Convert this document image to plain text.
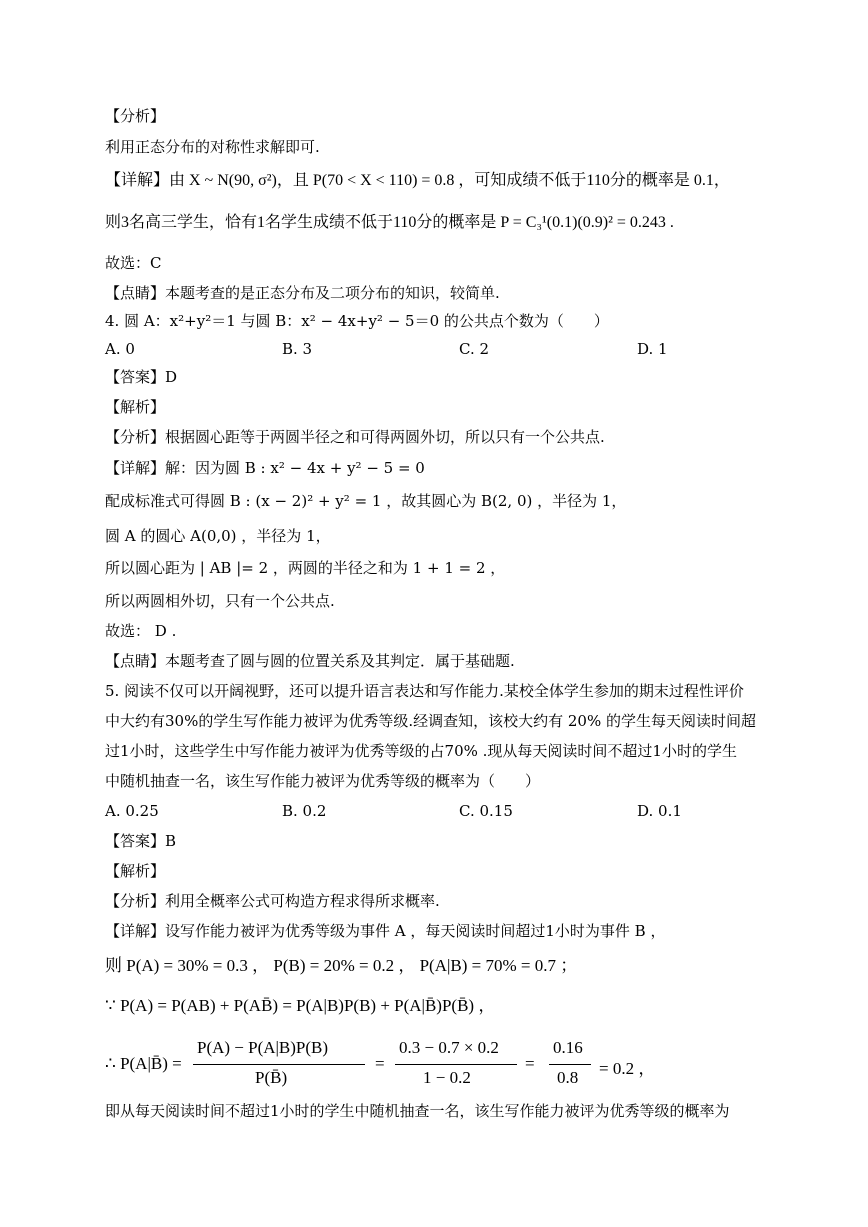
【分析】
利用正态分布的对称性求解即可.
【详解】由 X ~ N(90, σ²)，且 P(70 < X < 110) = 0.8 ，可知成绩不低于110分的概率是 0.1，
则3名高三学生，恰有1名学生成绩不低于110分的概率是 P = C₃¹(0.1)(0.9)² = 0.243 .
故选：C
【点睛】本题考查的是正态分布及二项分布的知识，较简单.
4. 圆 A：x²+y²＝1 与圆 B：x² − 4x+y² − 5＝0 的公共点个数为（　　）
A. 0	B. 3	C. 2	D. 1
【答案】D
【解析】
【分析】根据圆心距等于两圆半径之和可得两圆外切，所以只有一个公共点.
【详解】解：因为圆 B : x² − 4x + y² − 5 = 0
配成标准式可得圆 B : (x − 2)² + y² = 1 ，故其圆心为 B(2, 0) ，半径为 1，
圆 A 的圆心 A(0,0) ，半径为 1，
所以圆心距为 | AB |= 2 ，两圆的半径之和为 1 + 1 = 2 ，
所以两圆相外切，只有一个公共点.
故选： D .
【点睛】本题考查了圆与圆的位置关系及其判定．属于基础题.
5. 阅读不仅可以开阔视野，还可以提升语言表达和写作能力.某校全体学生参加的期末过程性评价
中大约有30%的学生写作能力被评为优秀等级.经调查知，该校大约有 20% 的学生每天阅读时间超
过1小时，这些学生中写作能力被评为优秀等级的占70% .现从每天阅读时间不超过1小时的学生
中随机抽查一名，该生写作能力被评为优秀等级的概率为（　　）
A. 0.25	B. 0.2	C. 0.15	D. 0.1
【答案】B
【解析】
【分析】利用全概率公式可构造方程求得所求概率.
【详解】设写作能力被评为优秀等级为事件 A ，每天阅读时间超过1小时为事件 B ，
则 P(A) = 30% = 0.3 ， P(B) = 20% = 0.2 ， P(A|B) = 70% = 0.7 ；
∵ P(A) = P(AB) + P(AB̄) = P(A|B)P(B) + P(A|B̄)P(B̄) ，
∴ P(A|B̄) =
P(A) − P(A|B)P(B)
P(B̄)
=
0.3 − 0.7 × 0.2
1 − 0.2
=
0.16
0.8 = 0.2 ，
即从每天阅读时间不超过1小时的学生中随机抽查一名，该生写作能力被评为优秀等级的概率为
